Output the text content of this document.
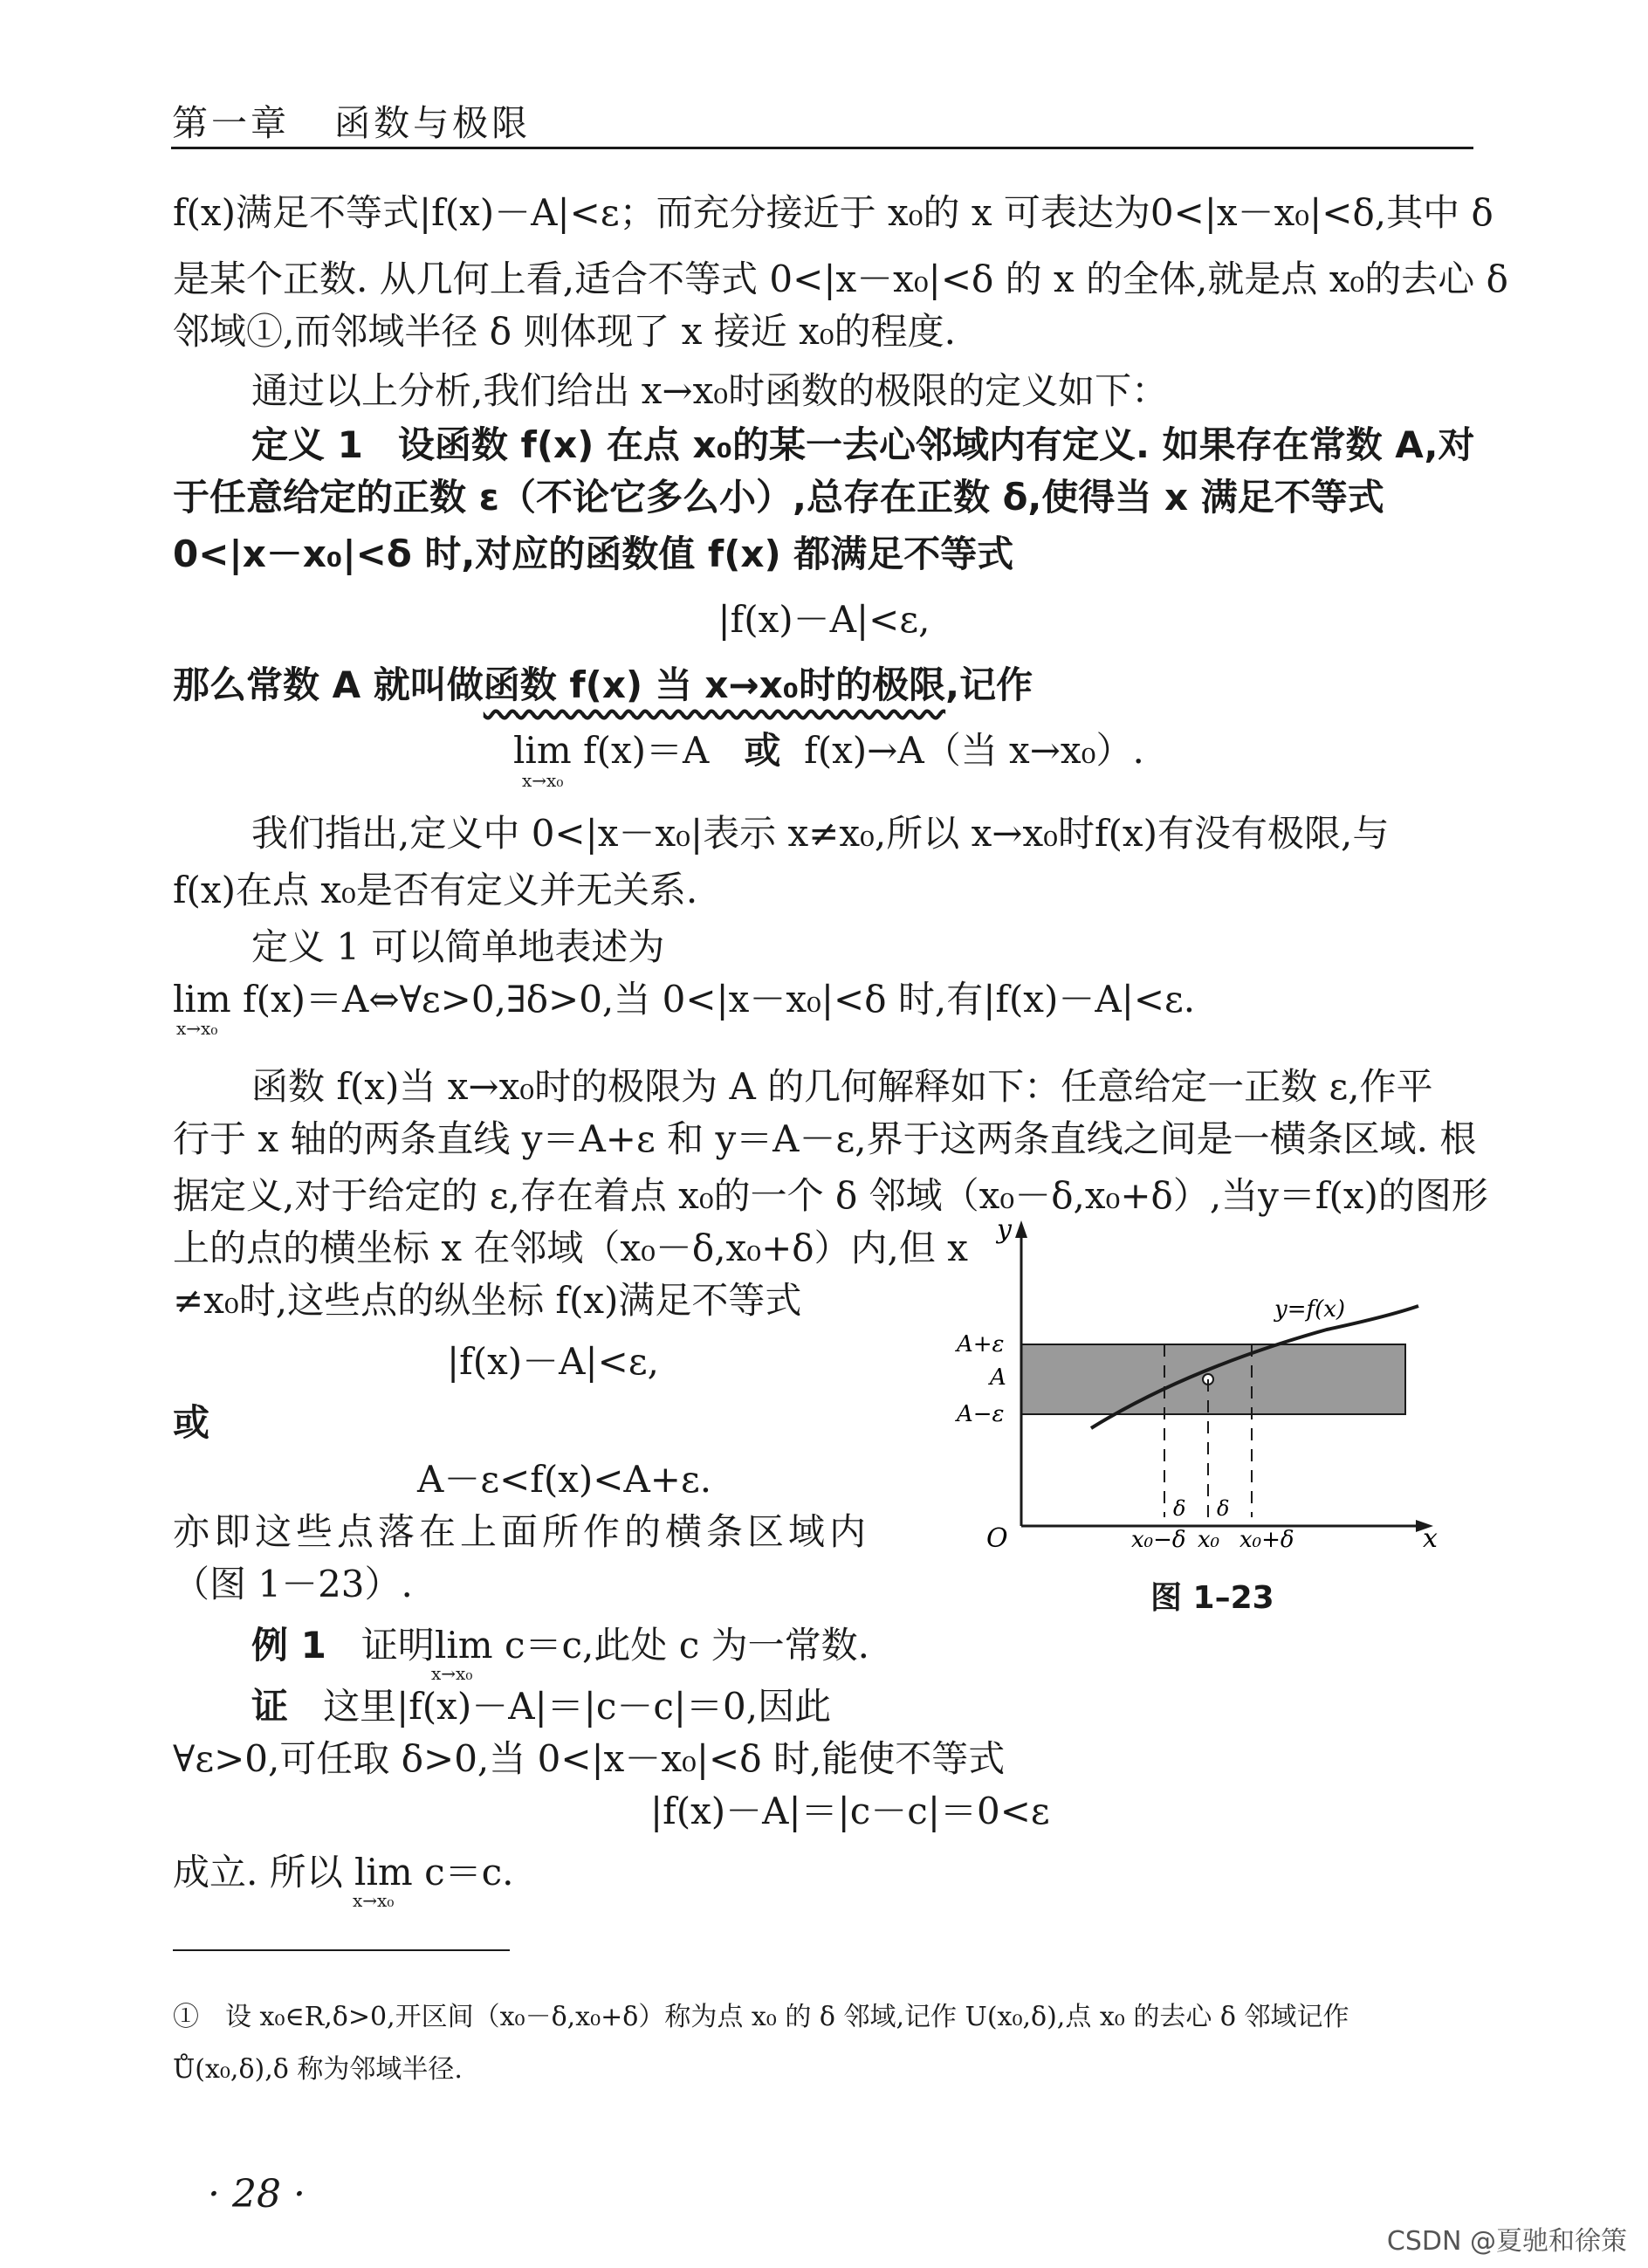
第一章 函数与极限
f(x)满足不等式|f(x)－A|<ε；而充分接近于 x₀的 x 可表达为0<|x－x₀|<δ,其中 δ
是某个正数. 从几何上看,适合不等式 0<|x－x₀|<δ 的 x 的全体,就是点 x₀的去心 δ
邻域①,而邻域半径 δ 则体现了 x 接近 x₀的程度.
通过以上分析,我们给出 x→x₀时函数的极限的定义如下：
定义 1 设函数 f(x) 在点 x₀的某一去心邻域内有定义. 如果存在常数 A,对
于任意给定的正数 ε（不论它多么小）,总存在正数 δ,使得当 x 满足不等式
0<|x－x₀|<δ 时,对应的函数值 f(x) 都满足不等式
|f(x)－A|<ε,
那么常数 A 就叫做函数 f(x) 当 x→x₀时的极限,记作
lim f(x)＝A 或 f(x)→A（当 x→x₀）.
x→x₀
我们指出,定义中 0<|x－x₀|表示 x≠x₀,所以 x→x₀时f(x)有没有极限,与
f(x)在点 x₀是否有定义并无关系.
定义 1 可以简单地表述为
lim f(x)＝A⇔∀ε>0,∃δ>0,当 0<|x－x₀|<δ 时,有|f(x)－A|<ε.
x→x₀
函数 f(x)当 x→x₀时的极限为 A 的几何解释如下：任意给定一正数 ε,作平
行于 x 轴的两条直线 y＝A+ε 和 y＝A－ε,界于这两条直线之间是一横条区域. 根
据定义,对于给定的 ε,存在着点 x₀的一个 δ 邻域（x₀－δ,x₀+δ）,当y＝f(x)的图形
上的点的横坐标 x 在邻域（x₀－δ,x₀+δ）内,但 x
≠x₀时,这些点的纵坐标 f(x)满足不等式
|f(x)－A|<ε,
或
A－ε<f(x)<A+ε.
亦即这些点落在上面所作的横条区域内
（图 1－23）.
例 1 证明lim c＝c,此处 c 为一常数.
x→x₀
证 这里|f(x)－A|＝|c－c|＝0,因此
∀ε>0,可任取 δ>0,当 0<|x－x₀|<δ 时,能使不等式
|f(x)－A|＝|c－c|＝0<ε
成立. 所以 lim c＝c.
x→x₀
y
x
O
y=f(x)
A+ε
A
A−ε
δ δ
x₀−δ x₀ x₀+δ
图 1–23
①　设 x₀∈R,δ>0,开区间（x₀－δ,x₀+δ）称为点 x₀ 的 δ 邻域,记作 U(x₀,δ),点 x₀ 的去心 δ 邻域记作
Ů(x₀,δ),δ 称为邻域半径.
· 28 ·
CSDN @夏驰和徐策
